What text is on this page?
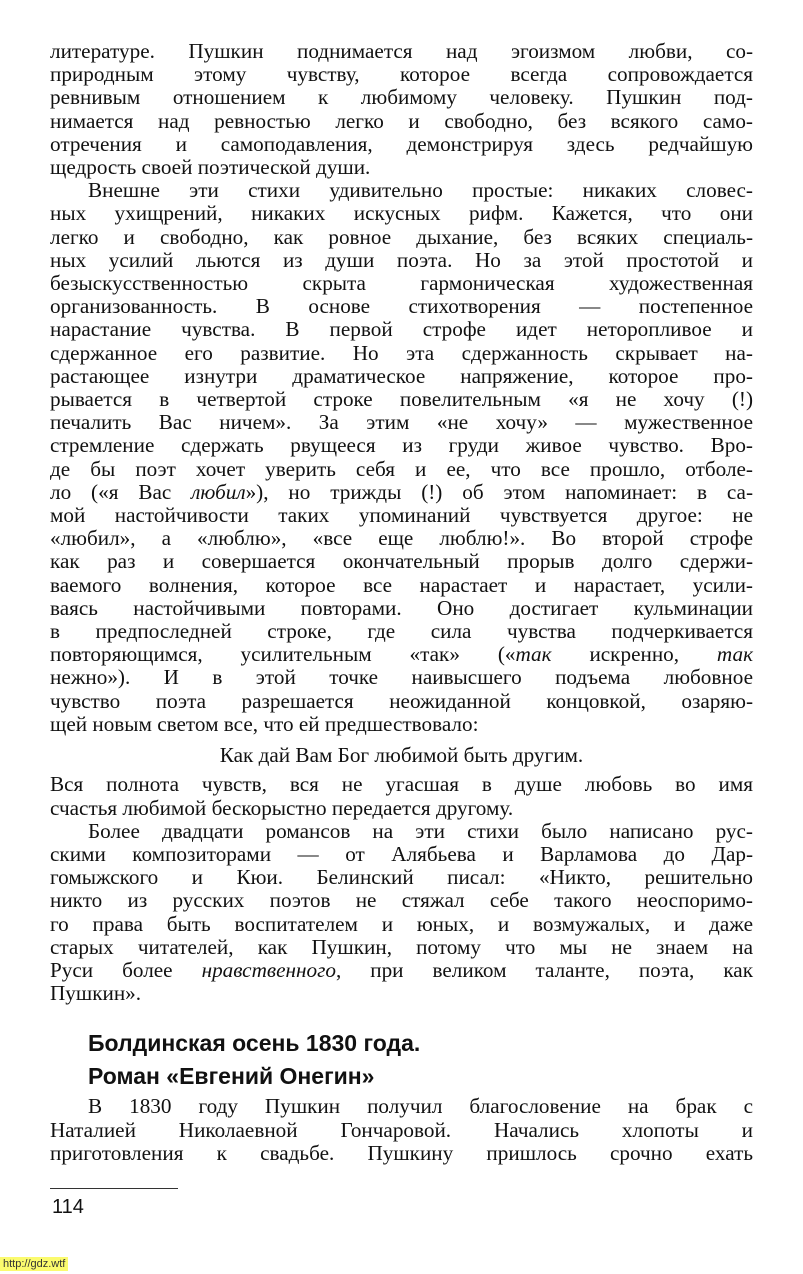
литературе. Пушкин поднимается над эгоизмом любви, со-
природным этому чувству, которое всегда сопровождается
ревнивым отношением к любимому человеку. Пушкин под-
нимается над ревностью легко и свободно, без всякого само-
отречения и самоподавления, демонстрируя здесь редчайшую
щедрость своей поэтической души.
Внешне эти стихи удивительно простые: никаких словес-
ных ухищрений, никаких искусных рифм. Кажется, что они
легко и свободно, как ровное дыхание, без всяких специаль-
ных усилий льются из души поэта. Но за этой простотой и
безыскусственностью скрыта гармоническая художественная
организованность. В основе стихотворения — постепенное
нарастание чувства. В первой строфе идет неторопливое и
сдержанное его развитие. Но эта сдержанность скрывает на-
растающее изнутри драматическое напряжение, которое про-
рывается в четвертой строке повелительным «я не хочу (!)
печалить Вас ничем». За этим «не хочу» — мужественное
стремление сдержать рвущееся из груди живое чувство. Вро-
де бы поэт хочет уверить себя и ее, что все прошло, отболе-
ло («я Вас любил»), но трижды (!) об этом напоминает: в са-
мой настойчивости таких упоминаний чувствуется другое: не
«любил», а «люблю», «все еще люблю!». Во второй строфе
как раз и совершается окончательный прорыв долго сдержи-
ваемого волнения, которое все нарастает и нарастает, усили-
ваясь настойчивыми повторами. Оно достигает кульминации
в предпоследней строке, где сила чувства подчеркивается
повторяющимся, усилительным «так» («так искренно, так
нежно»). И в этой точке наивысшего подъема любовное
чувство поэта разрешается неожиданной концовкой, озаряю-
щей новым светом все, что ей предшествовало:
Как дай Вам Бог любимой быть другим.
Вся полнота чувств, вся не угасшая в душе любовь во имя
счастья любимой бескорыстно передается другому.
Более двадцати романсов на эти стихи было написано рус-
скими композиторами — от Алябьева и Варламова до Дар-
гомыжского и Кюи. Белинский писал: «Никто, решительно
никто из русских поэтов не стяжал себе такого неоспоримо-
го права быть воспитателем и юных, и возмужалых, и даже
старых читателей, как Пушкин, потому что мы не знаем на
Руси более нравственного, при великом таланте, поэта, как
Пушкин».
Болдинская осень 1830 года.
Роман «Евгений Онегин»
В 1830 году Пушкин получил благословение на брак с
Наталией Николаевной Гончаровой. Начались хлопоты и
приготовления к свадьбе. Пушкину пришлось срочно ехать
114
http://gdz.wtf
